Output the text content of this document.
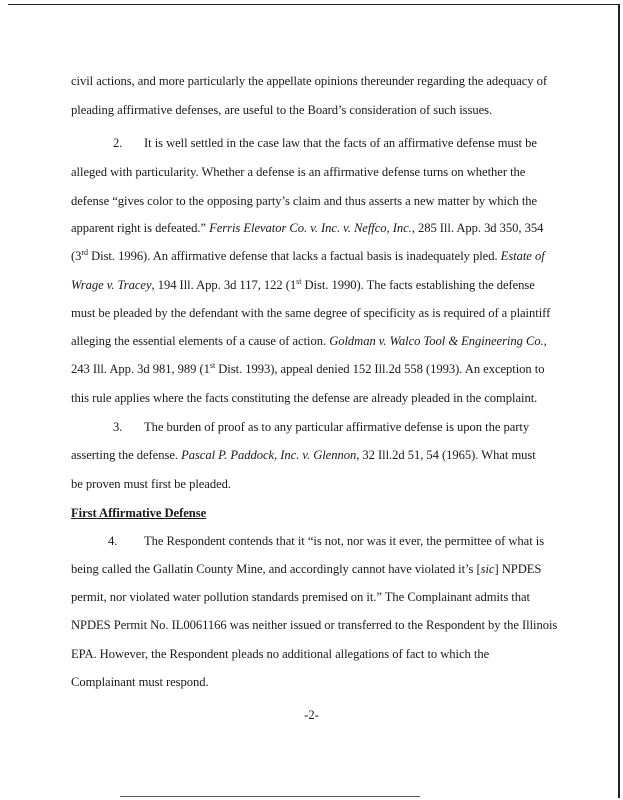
civil actions, and more particularly the appellate opinions thereunder regarding the adequacy of
pleading affirmative defenses, are useful to the Board’s consideration of such issues.
2. It is well settled in the case law that the facts of an affirmative defense must be
alleged with particularity. Whether a defense is an affirmative defense turns on whether the
defense “gives color to the opposing party’s claim and thus asserts a new matter by which the
apparent right is defeated.” Ferris Elevator Co. v. Inc. v. Neffco, Inc., 285 Ill. App. 3d 350, 354
(3rd Dist. 1996). An affirmative defense that lacks a factual basis is inadequately pled. Estate of
Wrage v. Tracey, 194 Ill. App. 3d 117, 122 (1st Dist. 1990). The facts establishing the defense
must be pleaded by the defendant with the same degree of specificity as is required of a plaintiff
alleging the essential elements of a cause of action. Goldman v. Walco Tool & Engineering Co.,
243 Ill. App. 3d 981, 989 (1st Dist. 1993), appeal denied 152 Ill.2d 558 (1993). An exception to
this rule applies where the facts constituting the defense are already pleaded in the complaint.
3. The burden of proof as to any particular affirmative defense is upon the party
asserting the defense. Pascal P. Paddock, Inc. v. Glennon, 32 Ill.2d 51, 54 (1965). What must
be proven must first be pleaded.
First Affirmative Defense
4. The Respondent contends that it “is not, nor was it ever, the permittee of what is
being called the Gallatin County Mine, and accordingly cannot have violated it’s [sic] NPDES
permit, nor violated water pollution standards premised on it.” The Complainant admits that
NPDES Permit No. IL0061166 was neither issued or transferred to the Respondent by the Illinois
EPA. However, the Respondent pleads no additional allegations of fact to which the
Complainant must respond.
-2-
